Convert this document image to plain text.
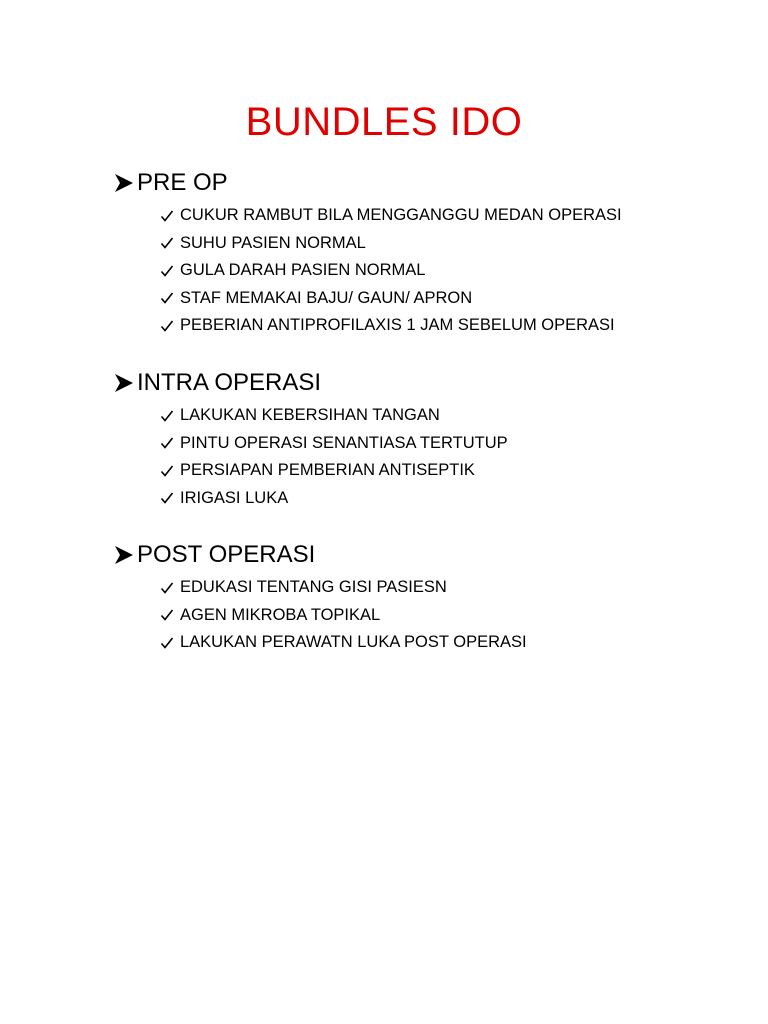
BUNDLES IDO
PRE OP
CUKUR RAMBUT BILA MENGGANGGU MEDAN OPERASI
SUHU PASIEN NORMAL
GULA DARAH PASIEN NORMAL
STAF MEMAKAI BAJU/ GAUN/ APRON
PEBERIAN ANTIPROFILAXIS 1 JAM SEBELUM OPERASI
INTRA OPERASI
LAKUKAN KEBERSIHAN TANGAN
PINTU OPERASI SENANTIASA TERTUTUP
PERSIAPAN PEMBERIAN ANTISEPTIK
IRIGASI LUKA
POST OPERASI
EDUKASI TENTANG GISI PASIESN
AGEN MIKROBA TOPIKAL
LAKUKAN PERAWATN LUKA POST OPERASI
